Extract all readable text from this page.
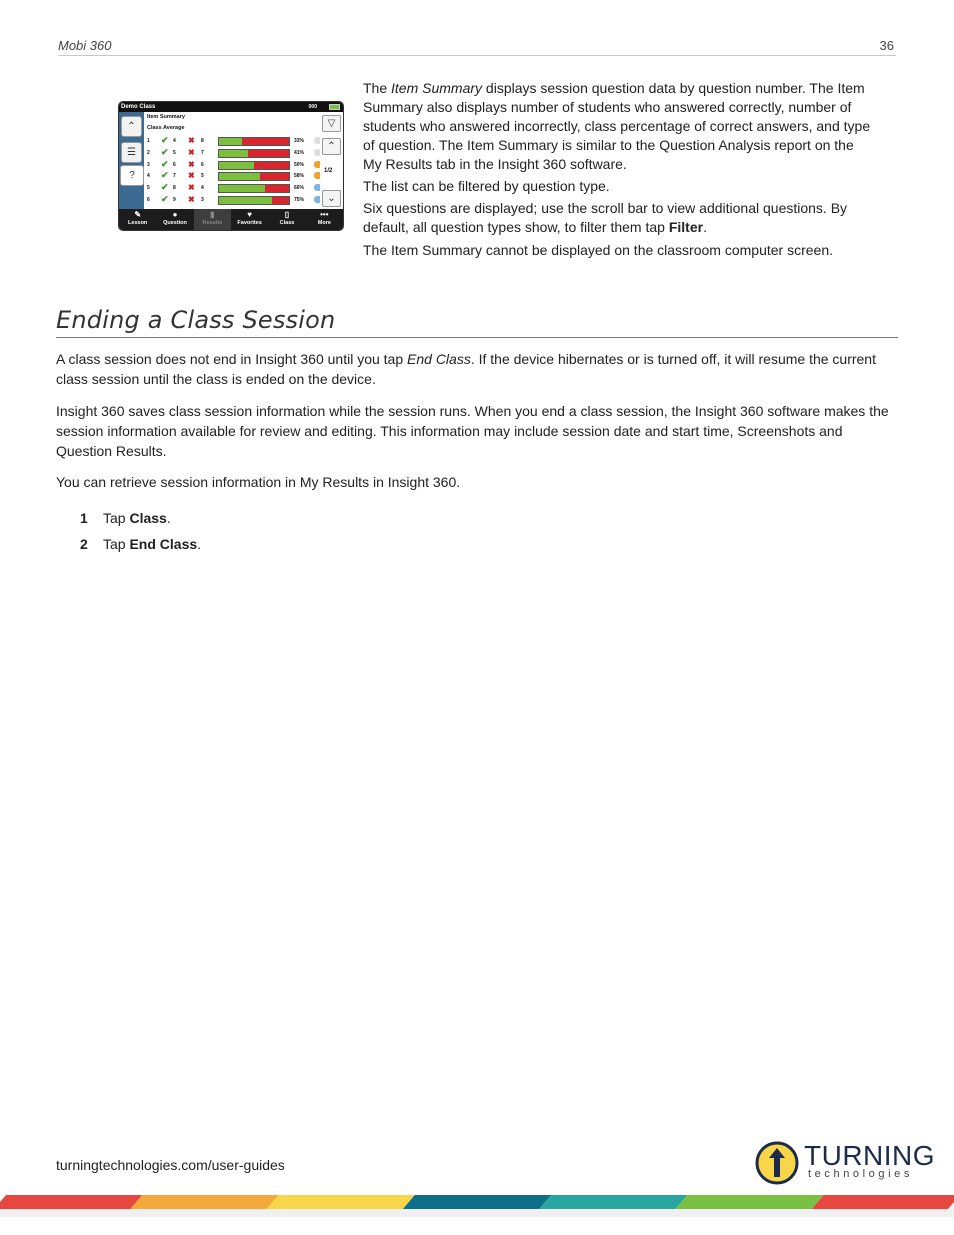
Mobi 360	36
Demo Class	000
⌃
☰
?
Item Summary
Class Average
1 ✔ 4 ✖ 8	33%
2 ✔ 5 ✖ 7	41%
3 ✔ 6 ✖ 6	50%
4 ✔ 7 ✖ 5	58%
5 ✔ 8 ✖ 4	66%
6 ✔ 9 ✖ 3	75%
▽
⌃
1/2
⌄
✎
Lesson
●
Question
▮
Results
♥
Favorites
▯
Class
•••
More

The Item Summary displays session question data by question number. The Item Summary also displays number of students who answered correctly, number of students who answered incorrectly, class percentage of correct answers, and type of question. The Item Summary is similar to the Question Analysis report on the My Results tab in the Insight 360 software.

The list can be filtered by question type.

Six questions are displayed; use the scroll bar to view additional questions. By default, all question types show, to filter them tap Filter.

The Item Summary cannot be displayed on the classroom computer screen.

Ending a Class Session

A class session does not end in Insight 360 until you tap End Class. If the device hibernates or is turned off, it will resume the current class session until the class is ended on the device.

Insight 360 saves class session information while the session runs. When you end a class session, the Insight 360 software makes the session information available for review and editing. This information may include session date and start time, Screenshots and Question Results.

You can retrieve session information in My Results in Insight 360.

1 Tap Class.
2 Tap End Class.
turningtechnologies.com/user-guides	TURNING
technologies
